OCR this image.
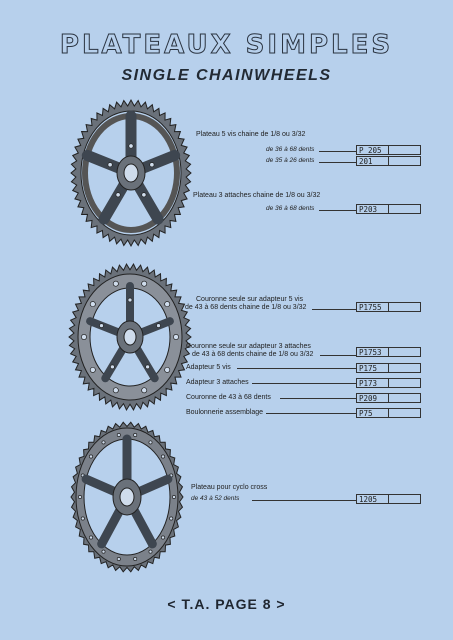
PLATEAUX SIMPLES
SINGLE CHAINWHEELS
Plateau 5 vis chaine de 1/8 ou 3/32
de 36 à 68 dents	P 205
de 35 à 26 dents	201
Plateau 3 attaches chaine de 1/8 ou 3/32
de 36 à 68 dents	P203
Couronne seule sur adapteur 5 vis
de 43 à 68 dents chaine de 1/8 ou 3/32	P1755
Couronne seule sur adapteur 3 attaches
de 43 à 68 dents chaine de 1/8 ou 3/32	P1753
Adapteur 5 vis	P175
Adapteur 3 attaches	P173
Couronne de 43 à 68 dents	P209
Boulonnerie assemblage	P75
Plateau pour cyclo cross
de 43 à 52 dents	1205
< T.A. PAGE 8 >
